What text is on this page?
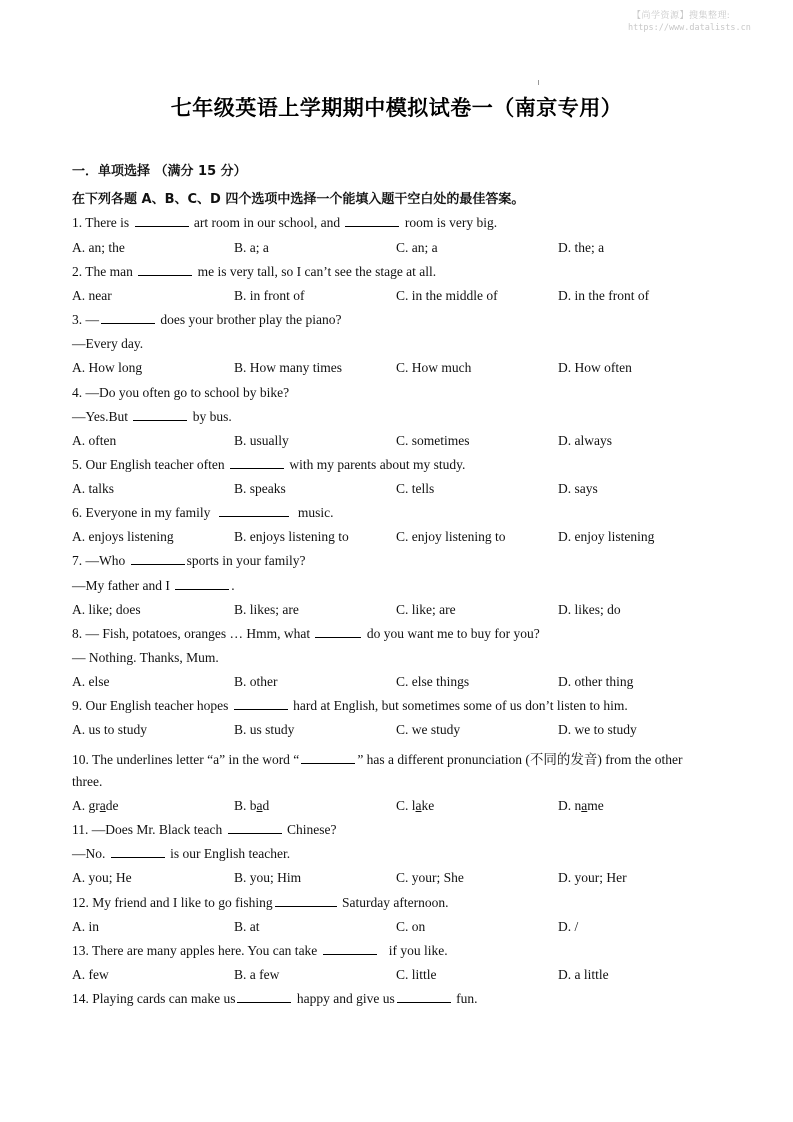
【尚学资源】搜集整理:
https://www.datalists.cn
七年级英语上学期期中模拟试卷一（南京专用）
一．单项选择 （满分 15 分）
在下列各题 A、B、C、D 四个选项中选择一个能填入题干空白处的最佳答案。
1. There is	art room in our school, and	room is very big.
A. an; the	B. a; a	C. an; a	D. the; a
2. The man	me is very tall, so I can’t see the stage at all.
A. near	B. in front of	C. in the middle of	D. in the front of
3. —	does your brother play the piano?
—Every day.
A. How long	B. How many times	C. How much	D. How often
4. —Do you often go to school by bike?
—Yes.But	by bus.
A. often	B. usually	C. sometimes	D. always
5. Our English teacher often	with my parents about my study.
A. talks	B. speaks	C. tells	D. says
6. Everyone in my family	music.
A. enjoys listening	B. enjoys listening to	C. enjoy listening to	D. enjoy listening
7. —Who	sports in your family?
—My father and I	.
A. like; does	B. likes; are	C. like; are	D. likes; do
8. — Fish, potatoes, oranges … Hmm, what	do you want me to buy for you?
— Nothing. Thanks, Mum.
A. else	B. other	C. else things	D. other thing
9. Our English teacher hopes	hard at English, but sometimes some of us don’t listen to him.
A. us to study	B. us study	C. we study	D. we to study
10. The underlines letter “a” in the word “	” has a different pronunciation (不同的发音) from the other
three.
A. grade	B. bad	C. lake	D. name
11. —Does Mr. Black teach	Chinese?
—No.	is our English teacher.
A. you; He	B. you; Him	C. your; She	D. your; Her
12. My friend and I like to go fishing	Saturday afternoon.
A. in	B. at	C. on	D. /
13. There are many apples here. You can take	if you like.
A. few	B. a few	C. little	D. a little
14. Playing cards can make us	happy and give us	fun.
